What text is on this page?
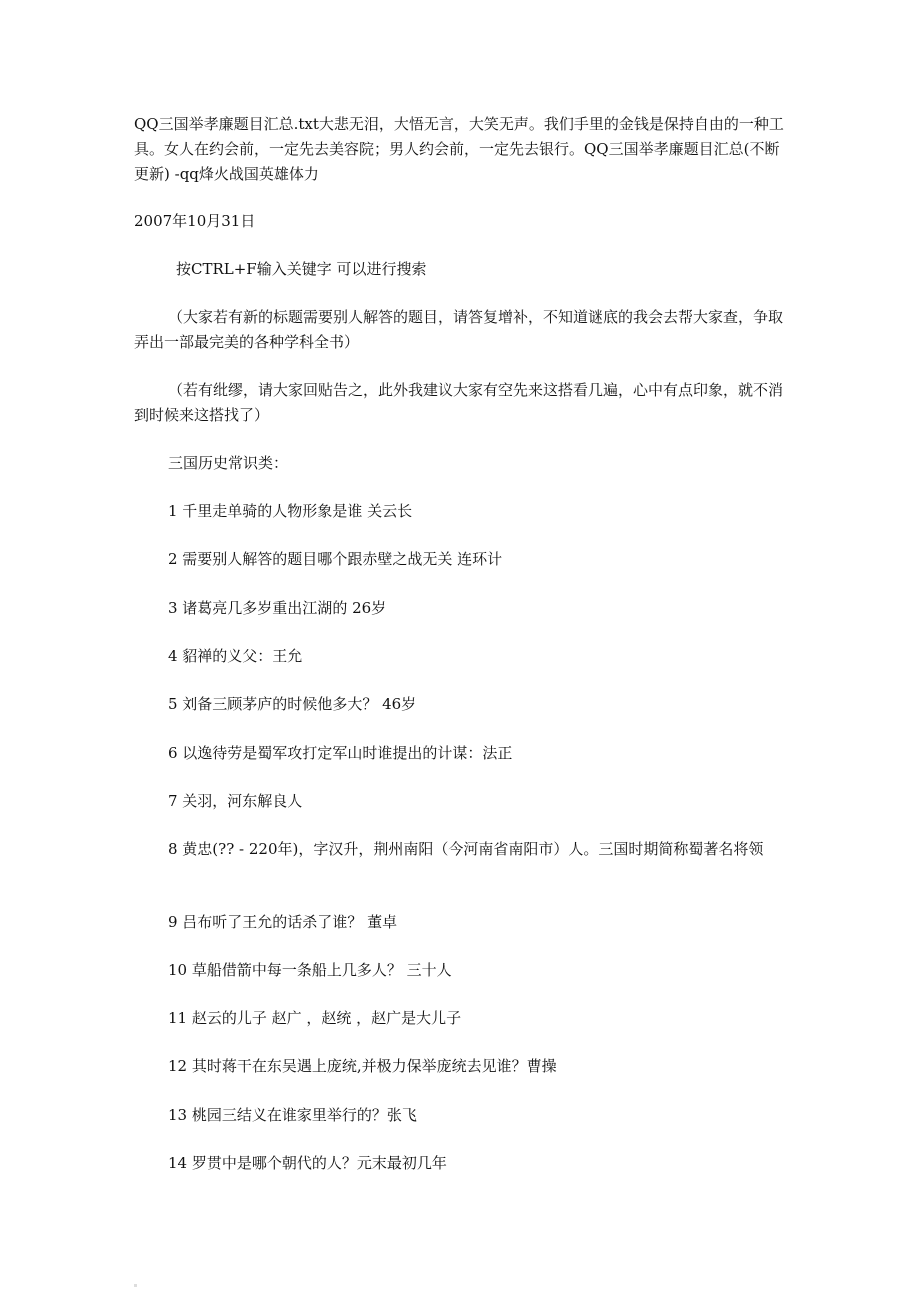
QQ三国举孝廉题目汇总.txt大悲无泪，大悟无言，大笑无声。我们手里的金钱是保持自由的一种工具。女人在约会前，一定先去美容院；男人约会前，一定先去银行。QQ三国举孝廉题目汇总(不断更新) -qq烽火战国英雄体力
2007年10月31日
按CTRL+F输入关键字 可以进行搜索
（大家若有新的标题需要别人解答的题目，请答复增补，不知道谜底的我会去帮大家查，争取弄出一部最完美的各种学科全书）
（若有纰缪，请大家回贴告之，此外我建议大家有空先来这搭看几遍，心中有点印象，就不消到时候来这搭找了）
三国历史常识类：
1 千里走单骑的人物形象是谁 关云长
2 需要别人解答的题目哪个跟赤壁之战无关 连环计
3 诸葛亮几多岁重出江湖的 26岁
4 貂禅的义父：王允
5 刘备三顾茅庐的时候他多大？ 46岁
6 以逸待劳是蜀军攻打定军山时谁提出的计谋：法正
7 关羽，河东解良人
8 黄忠(?? - 220年)，字汉升，荆州南阳（今河南省南阳市）人。三国时期简称蜀著名将领
9 吕布听了王允的话杀了谁？ 董卓
10 草船借箭中每一条船上几多人？ 三十人
11 赵云的儿子 赵广 ，赵统 ，赵广是大儿子
12 其时蒋干在东吴遇上庞统,并极力保举庞统去见谁？曹操
13 桃园三结义在谁家里举行的？张飞
14 罗贯中是哪个朝代的人？元末最初几年
